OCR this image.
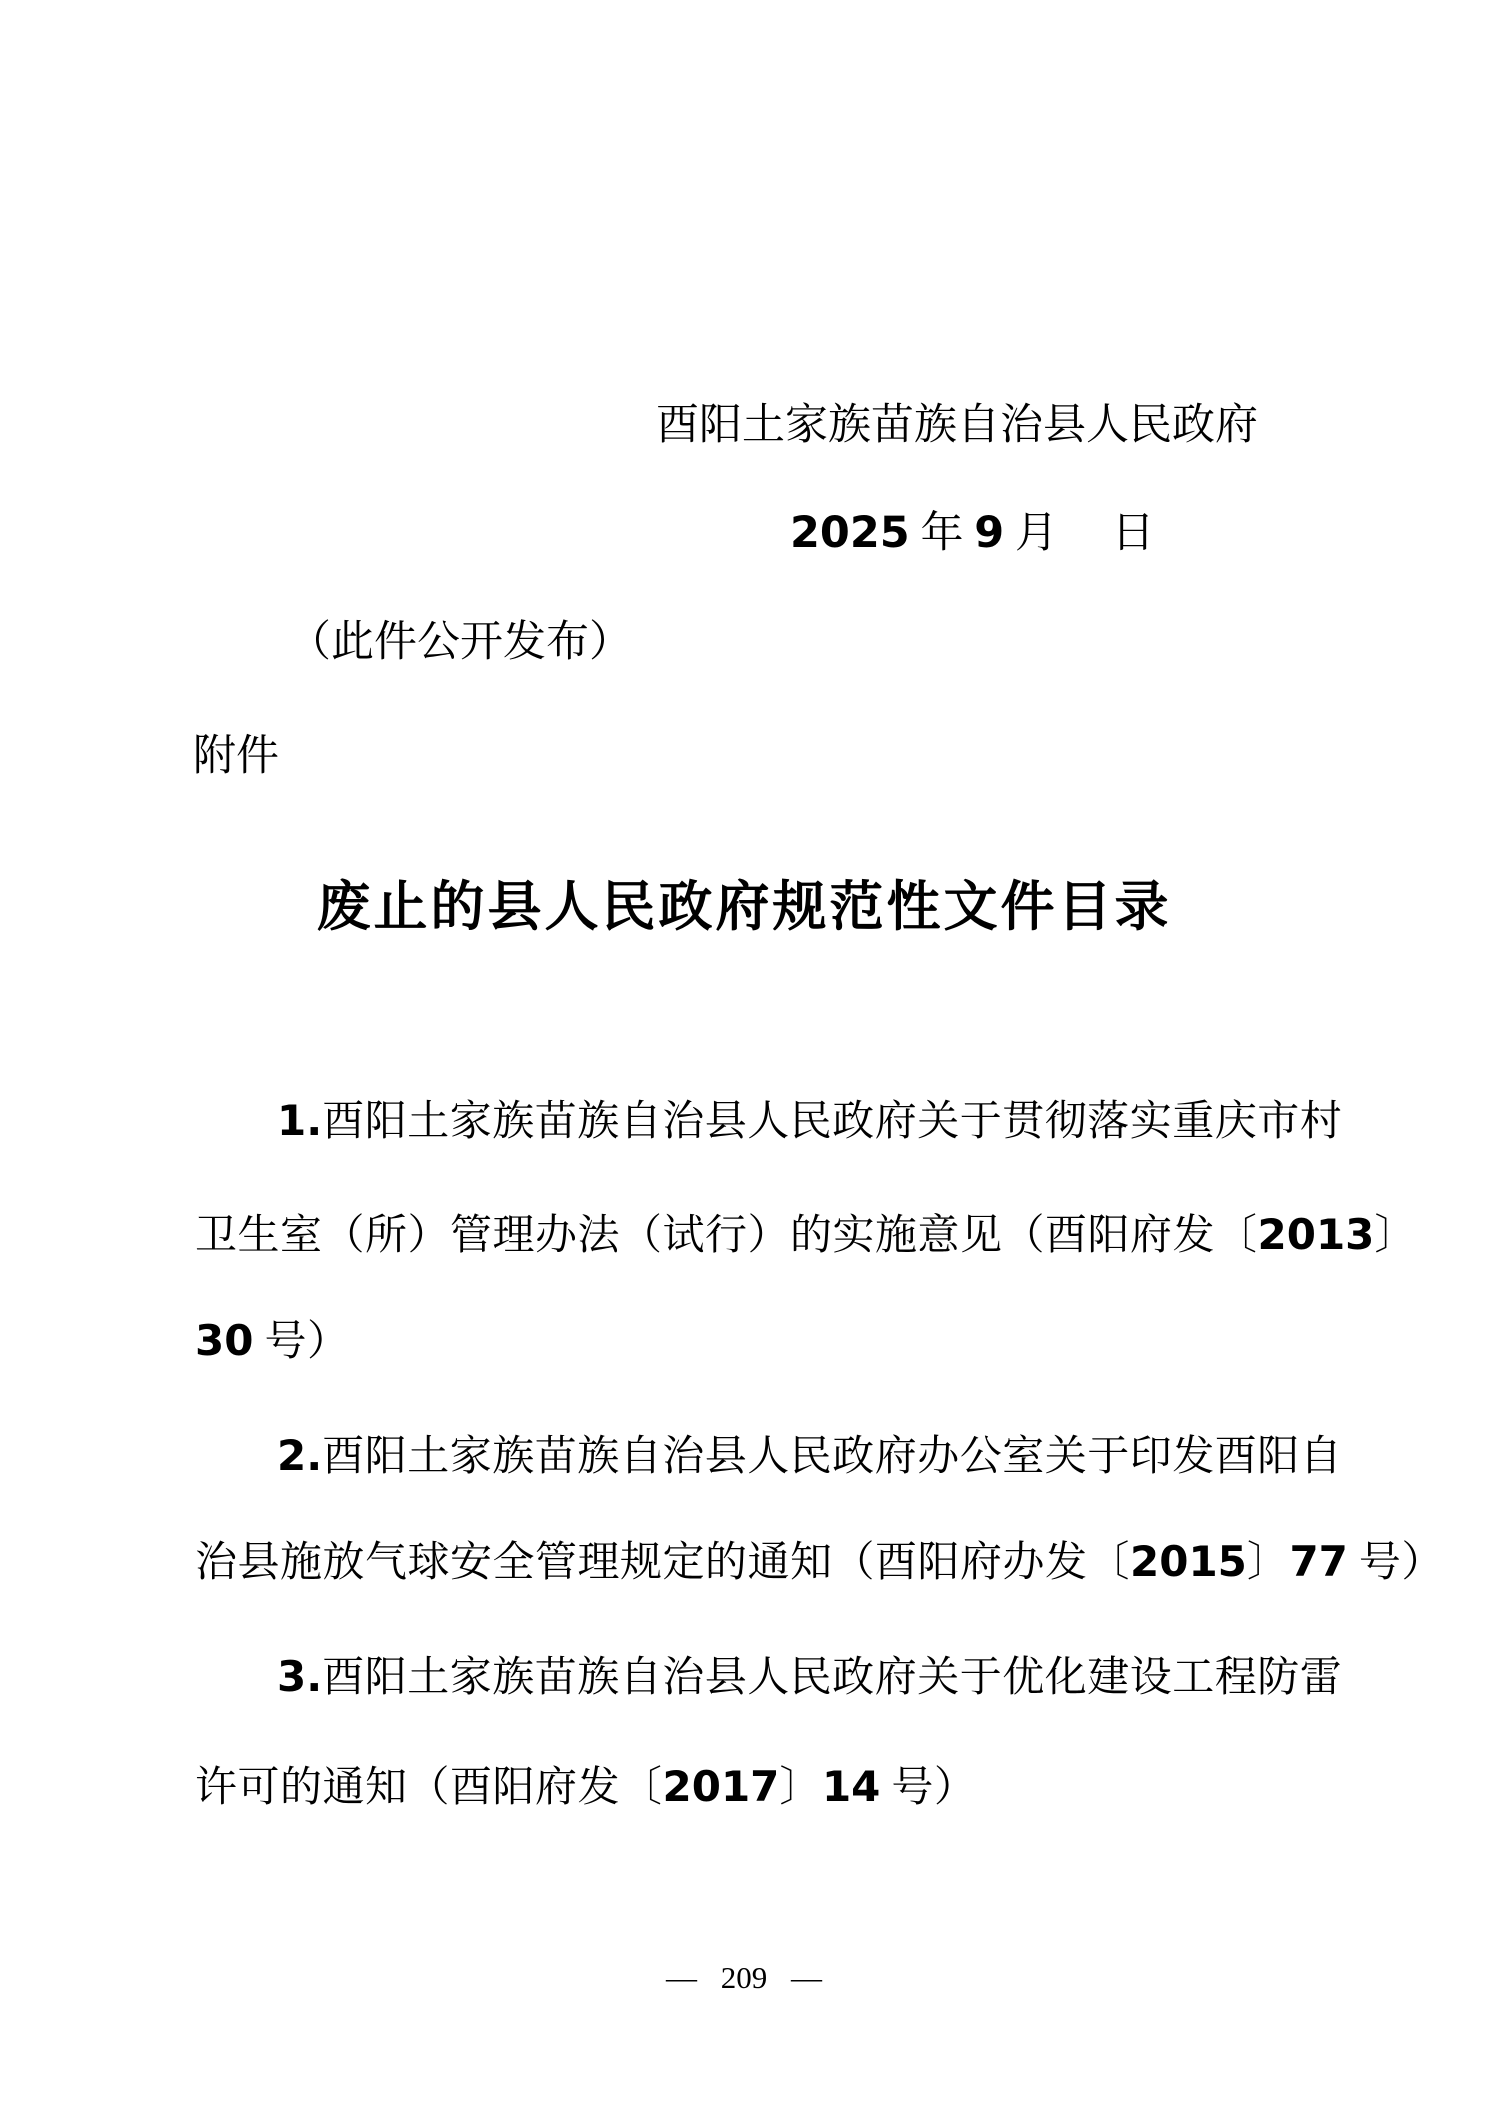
酉阳土家族苗族自治县人民政府
2025 年 9 月　 日
（此件公开发布）
附件
废止的县人民政府规范性文件目录
1.酉阳土家族苗族自治县人民政府关于贯彻落实重庆市村
卫生室（所）管理办法（试行）的实施意见（酉阳府发〔2013〕
30 号）
2.酉阳土家族苗族自治县人民政府办公室关于印发酉阳自
治县施放气球安全管理规定的通知（酉阳府办发〔2015〕77 号）
3.酉阳土家族苗族自治县人民政府关于优化建设工程防雷
许可的通知（酉阳府发〔2017〕14 号）
— 209 —
